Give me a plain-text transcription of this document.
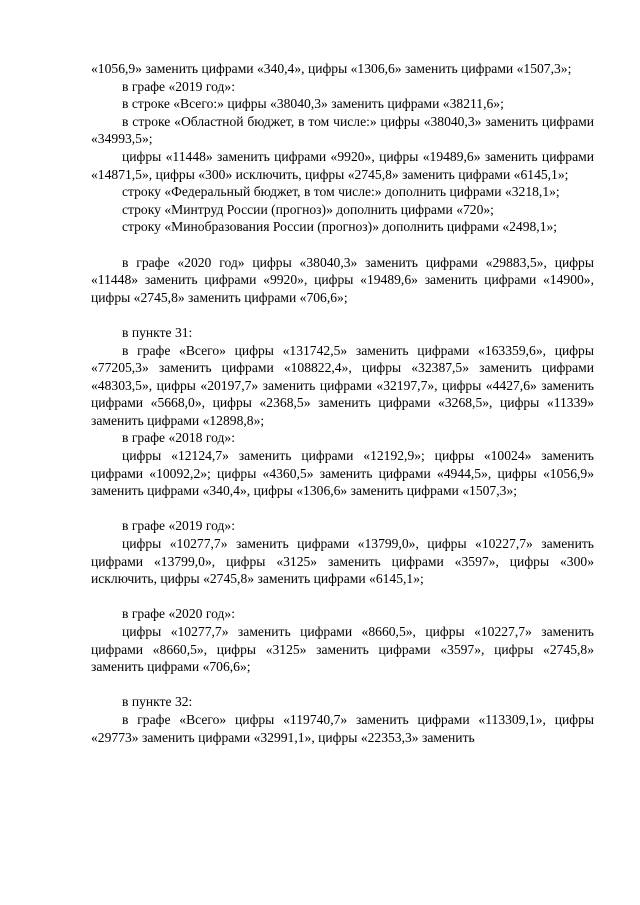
«1056,9» заменить цифрами «340,4», цифры «1306,6» заменить цифрами «1507,3»;

в графе «2019 год»:

в строке «Всего:» цифры «38040,3» заменить цифрами «38211,6»;

в строке «Областной бюджет, в том числе:» цифры «38040,3» заменить цифрами «34993,5»;

цифры «11448» заменить цифрами «9920», цифры «19489,6» заменить цифрами «14871,5», цифры «300» исключить, цифры «2745,8» заменить цифрами «6145,1»;

строку «Федеральный бюджет, в том числе:» дополнить цифрами «3218,1»;

строку «Минтруд России (прогноз)» дополнить цифрами «720»;

строку «Минобразования России (прогноз)» дополнить цифрами «2498,1»;

в графе «2020 год» цифры «38040,3» заменить цифрами «29883,5», цифры «11448» заменить цифрами «9920», цифры «19489,6» заменить цифрами «14900», цифры «2745,8» заменить цифрами «706,6»;

в пункте 31:

в графе «Всего» цифры «131742,5» заменить цифрами «163359,6», цифры «77205,3» заменить цифрами «108822,4», цифры «32387,5» заменить цифрами «48303,5», цифры «20197,7» заменить цифрами «32197,7», цифры «4427,6» заменить цифрами «5668,0», цифры «2368,5» заменить цифрами «3268,5», цифры «11339» заменить цифрами «12898,8»;

в графе «2018 год»:

цифры «12124,7» заменить цифрами «12192,9»; цифры «10024» заменить цифрами «10092,2»; цифры «4360,5» заменить цифрами «4944,5», цифры «1056,9» заменить цифрами «340,4», цифры «1306,6» заменить цифрами «1507,3»;

в графе «2019 год»:

цифры «10277,7» заменить цифрами «13799,0», цифры «10227,7» заменить цифрами «13799,0», цифры «3125» заменить цифрами «3597», цифры «300» исключить, цифры «2745,8» заменить цифрами «6145,1»;

в графе «2020 год»:

цифры «10277,7» заменить цифрами «8660,5», цифры «10227,7» заменить цифрами «8660,5», цифры «3125» заменить цифрами «3597», цифры «2745,8» заменить цифрами «706,6»;

в пункте 32:

в графе «Всего» цифры «119740,7» заменить цифрами «113309,1», цифры «29773» заменить цифрами «32991,1», цифры «22353,3» заменить
